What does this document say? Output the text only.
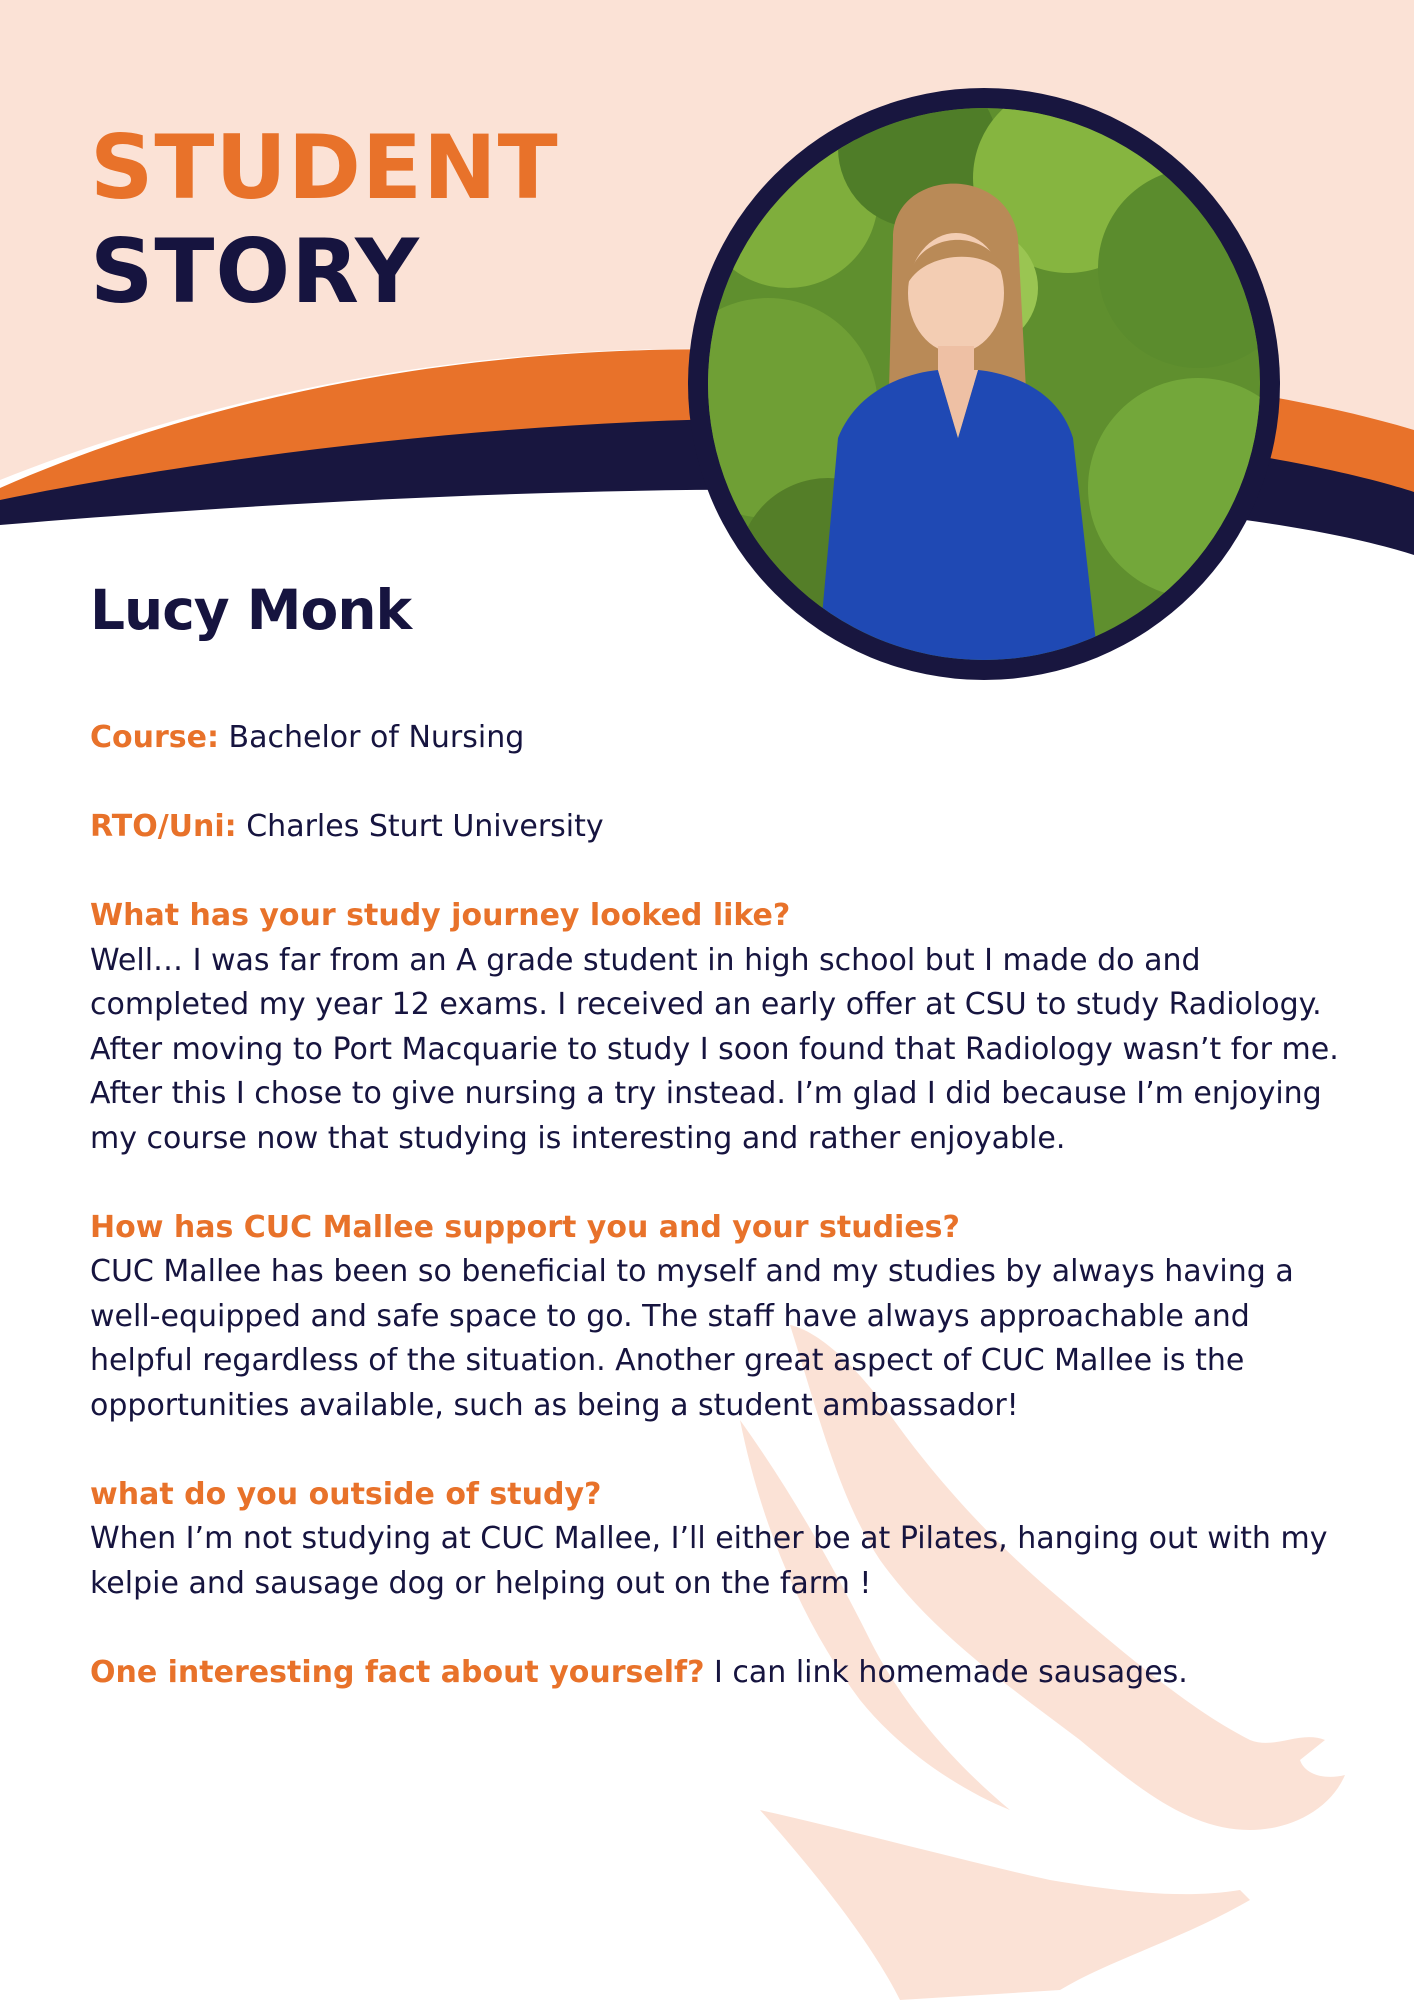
STUDENT
STORY
Lucy Monk

Course: Bachelor of Nursing

RTO/Uni: Charles Sturt University

What has your study journey looked like?

Well… I was far from an A grade student in high school but I made do and completed my year 12 exams. I received an early offer at CSU to study Radiology. After moving to Port Macquarie to study I soon found that Radiology wasn’t for me. After this I chose to give nursing a try instead. I’m glad I did because I’m enjoying my course now that studying is interesting and rather enjoyable.

How has CUC Mallee support you and your studies?

CUC Mallee has been so beneficial to myself and my studies by always having a well-equipped and safe space to go. The staff have always approachable and helpful regardless of the situation. Another great aspect of CUC Mallee is the opportunities available, such as being a student ambassador!

what do you outside of study?

When I’m not studying at CUC Mallee, I’ll either be at Pilates, hanging out with my kelpie and sausage dog or helping out on the farm !

One interesting fact about yourself? I can link homemade sausages.
